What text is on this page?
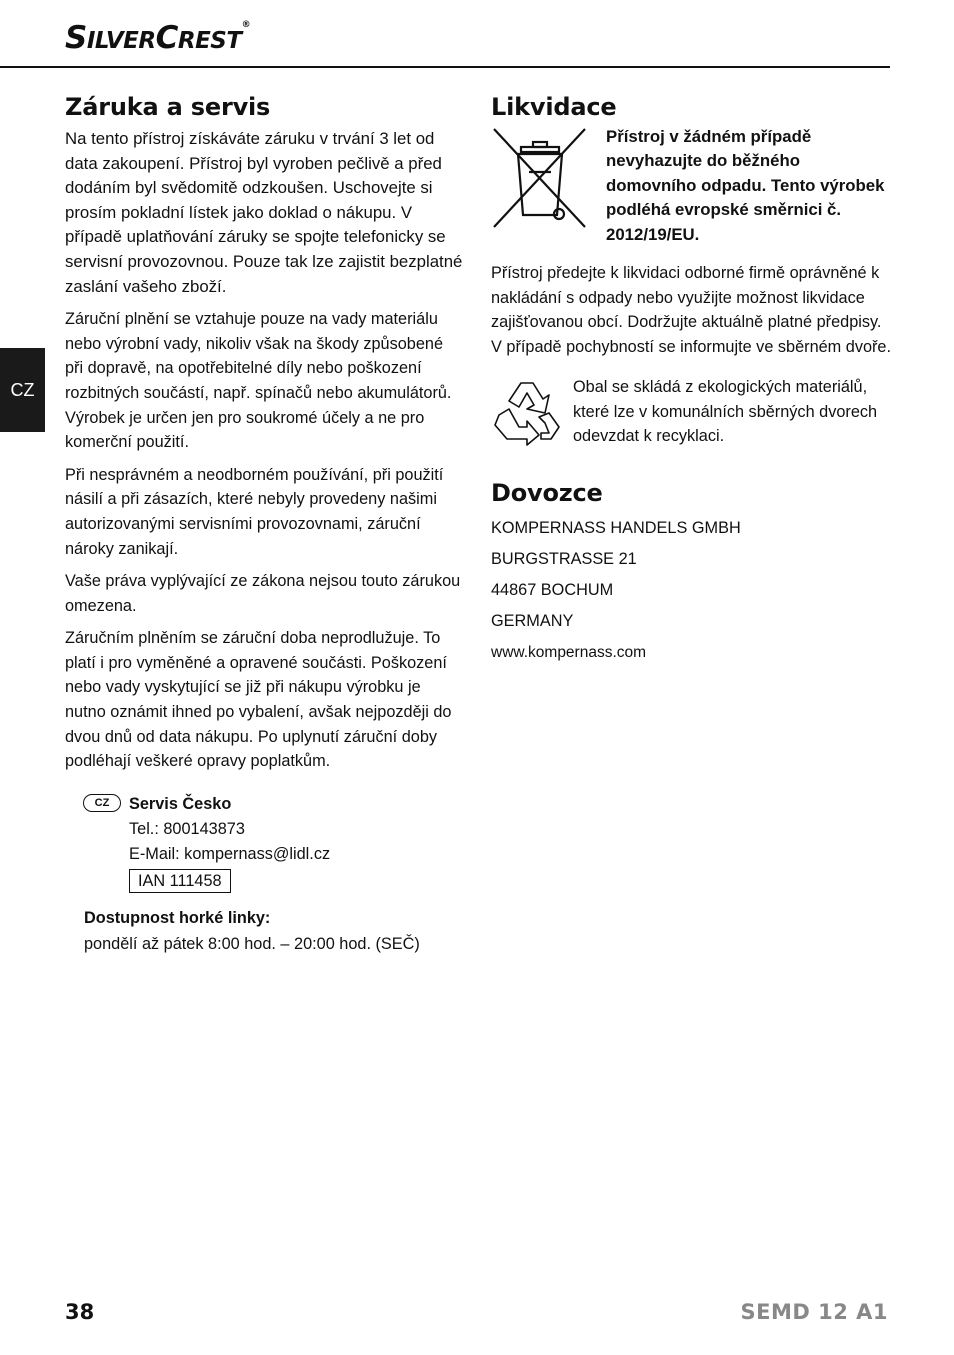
SILVERCREST®
CZ
Záruka a servis

Na tento přístroj získáváte záruku v trvání 3 let od data zakoupení. Přístroj byl vyroben pečlivě a před dodáním byl svědomitě odzkoušen. Uschovejte si prosím pokladní lístek jako doklad o nákupu. V případě uplatňování záruky se spojte telefonicky se servisní provozovnou. Pouze tak lze zajistit bezplatné zaslání vašeho zboží.

Záruční plnění se vztahuje pouze na vady materiálu nebo výrobní vady, nikoliv však na škody způsobené při dopravě, na opotřebitelné díly nebo poškození rozbitných součástí, např. spínačů nebo akumulátorů. Výrobek je určen jen pro soukromé účely a ne pro komerční použití.

Při nesprávném a neodborném používání, při použití násilí a při zásazích, které nebyly provedeny našimi autorizovanými servisními provozovnami, záruční nároky zanikají.

Vaše práva vyplývající ze zákona nejsou touto zárukou omezena.

Záručním plněním se záruční doba neprodlužuje. To platí i pro vyměněné a opravené součásti. Poškození nebo vady vyskytující se již při nákupu výrobku je nutno oznámit ihned po vybalení, avšak nejpozději do dvou dnů od data nákupu. Po uplynutí záruční doby podléhají veškeré opravy poplatkům.

CZ	Servis Česko
Tel.: 800143873
E-Mail: kompernass@lidl.cz
IAN 111458
Dostupnost horké linky:
pondělí až pátek 8:00 hod. – 20:00 hod. (SEČ)
Likvidace
Přístroj v žádném případě nevyhazujte do běžného domovního odpadu. Tento výrobek podléhá evropské směrnici č. 2012/19/EU.

Přístroj předejte k likvidaci odborné firmě oprávněné k nakládání s odpady nebo využijte možnost likvidace zajišťovanou obcí. Dodržujte aktuálně platné předpisy. V případě pochybností se informujte ve sběrném dvoře.

Obal se skládá z ekologických materiálů, které lze v komunálních sběrných dvorech odevzdat k recyklaci.
Dovozce
KOMPERNASS HANDELS GMBH
BURGSTRASSE 21
44867 BOCHUM
GERMANY
www.kompernass.com
38	SEMD 12 A1
